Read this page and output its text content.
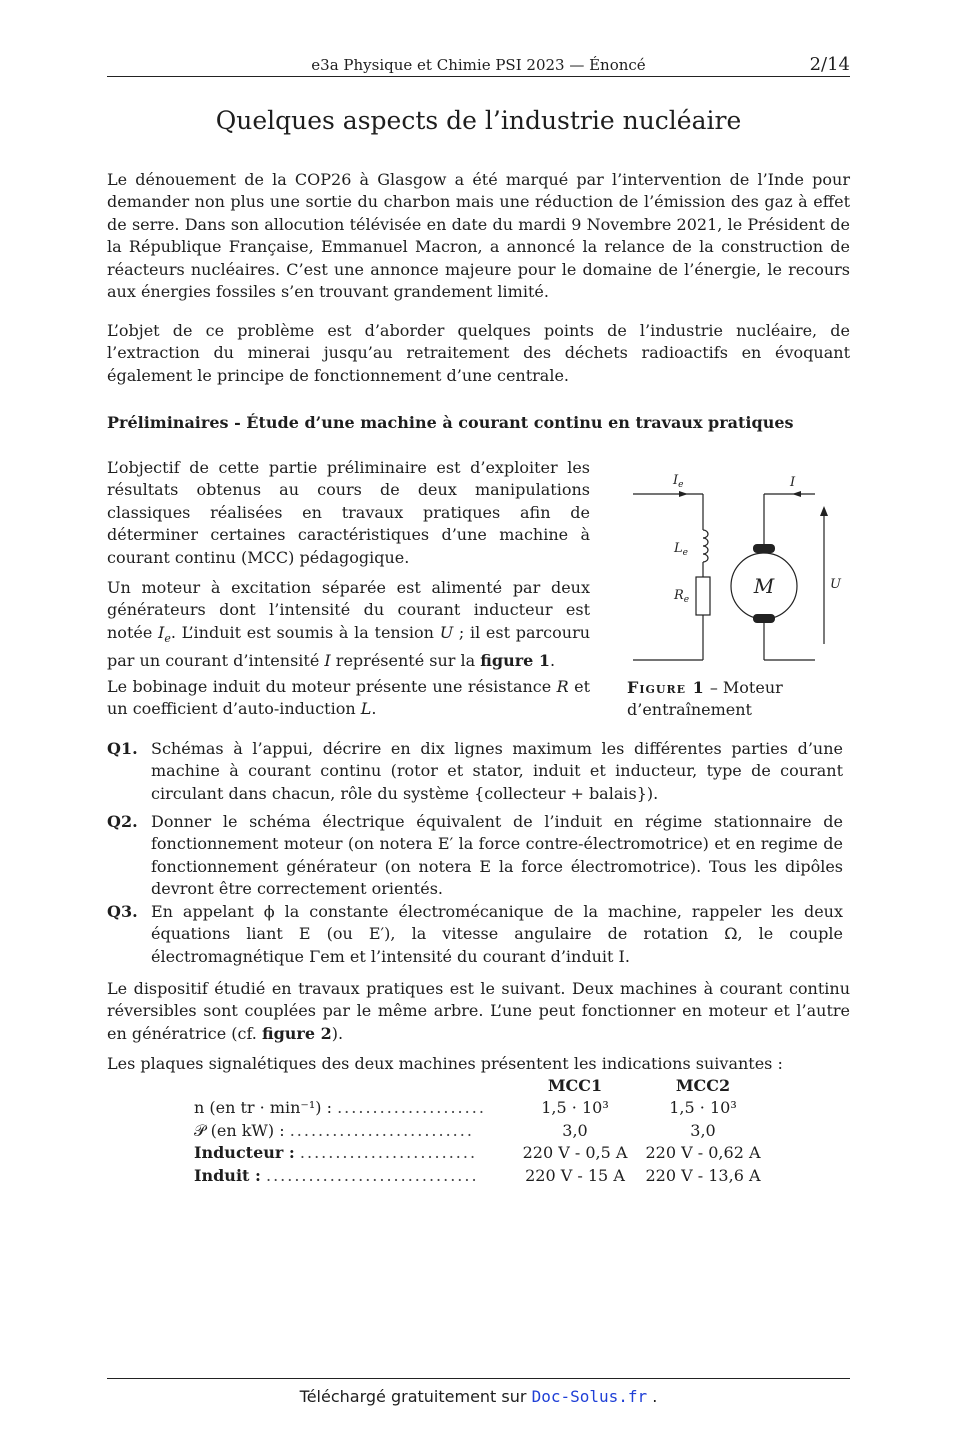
e3a Physique et Chimie PSI 2023 — Énoncé	2/14
Quelques aspects de l’industrie nucléaire

Le dénouement de la COP26 à Glasgow a été marqué par l’intervention de l’Inde pour demander non plus une sortie du charbon mais une réduction de l’émission des gaz à effet de serre. Dans son allocution télévisée en date du mardi 9 Novembre 2021, le Président de la République Française, Emmanuel Macron, a annoncé la relance de la construction de réacteurs nucléaires. C’est une annonce majeure pour le domaine de l’énergie, le recours aux énergies fossiles s’en trouvant grandement limité.

L’objet de ce problème est d’aborder quelques points de l’industrie nucléaire, de l’extraction du minerai jusqu’au retraitement des déchets radioactifs en évoquant également le principe de fonctionnement d’une centrale.

Préliminaires - Étude d’une machine à courant continu en travaux pratiques

L’objectif de cette partie préliminaire est d’exploiter les résultats obtenus au cours de deux manipulations classiques réalisées en travaux pratiques afin de déterminer certaines caractéristiques d’une machine à courant continu (MCC) pédagogique.

Un moteur à excitation séparée est alimenté par deux générateurs dont l’intensité du courant inducteur est notée $I_e$. L’induit est soumis à la tension U ; il est parcouru par un courant d’intensité I représenté sur la figure 1.

Le bobinage induit du moteur présente une résistance R et un coefficient d’auto-induction L.

$I_e$	I
$L_e$
$R_e$
M	U
Figure 1 – Moteur d’entraînement
Q1. Schémas à l’appui, décrire en dix lignes maximum les différentes parties d’une machine à courant continu (rotor et stator, induit et inducteur, type de courant circulant dans chacun, rôle du système {collecteur + balais}).

Q2. Donner le schéma électrique équivalent de l’induit en régime stationnaire de fonctionnement moteur (on notera E′ la force contre-électromotrice) et en regime de fonctionnement générateur (on notera E la force électromotrice). Tous les dipôles devront être correctement orientés.

Q3. En appelant ϕ la constante électromécanique de la machine, rappeler les deux équations liant E (ou E′), la vitesse angulaire de rotation Ω, le couple électromagnétique Γem et l’intensité du courant d’induit I.

Le dispositif étudié en travaux pratiques est le suivant. Deux machines à courant continu réversibles sont couplées par le même arbre. L’une peut fonctionner en moteur et l’autre en génératrice (cf. figure 2).

Les plaques signalétiques des deux machines présentent les indications suivantes :

	MCC1	MCC2
n (en tr · min⁻¹) : .....................	1,5 · 10³	1,5 · 10³
𝒫 (en kW) : ..........................	3,0	3,0
Inducteur : .........................	220 V - 0,5 A	220 V - 0,62 A
Induit : ..............................	220 V - 15 A	220 V - 13,6 A
Téléchargé gratuitement sur Doc-Solus.fr .
